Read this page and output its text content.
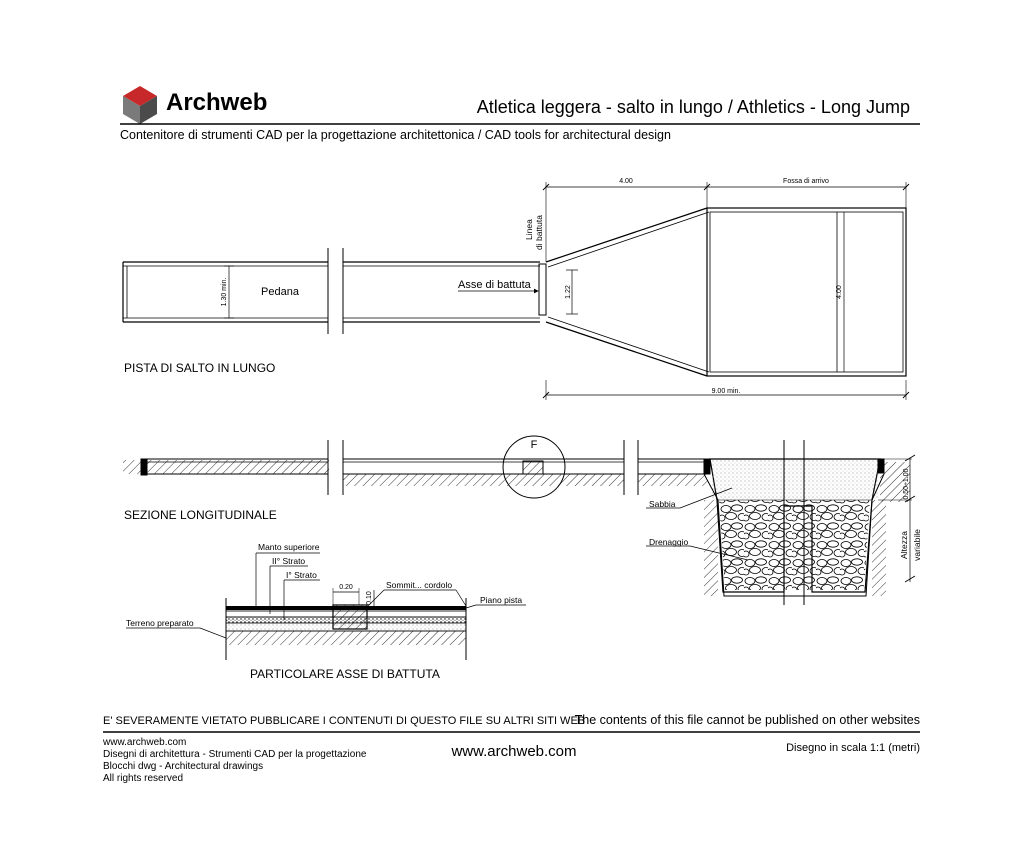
Archweb	Atletica leggera - salto in lungo / Athletics - Long Jump
Contenitore di strumenti CAD per la progettazione architettonica / CAD tools for architectural design
4.00	Fossa di arrivo
9.00 min.
1.22
1.30 min.	4.00
Linea di battuta
Pedana
Asse di battuta
PISTA DI SALTO IN LUNGO
F
SEZIONE LONGITUDINALE
Sabbia
Drenaggio
0.50÷1.00
Altezza variabile
Manto superiore
II° Strato
I° Strato
0.20
0.10
Sommit... cordolo
Piano pista
Terreno preparato
PARTICOLARE ASSE DI BATTUTA
E' SEVERAMENTE VIETATO PUBBLICARE I CONTENUTI DI QUESTO FILE SU ALTRI SITI WEB
The contents of this file cannot be published on other websites
www.archweb.com
Disegni di architettura - Strumenti CAD per la progettazione
Blocchi dwg - Architectural drawings
All rights reserved
www.archweb.com	Disegno in scala 1:1 (metri)
